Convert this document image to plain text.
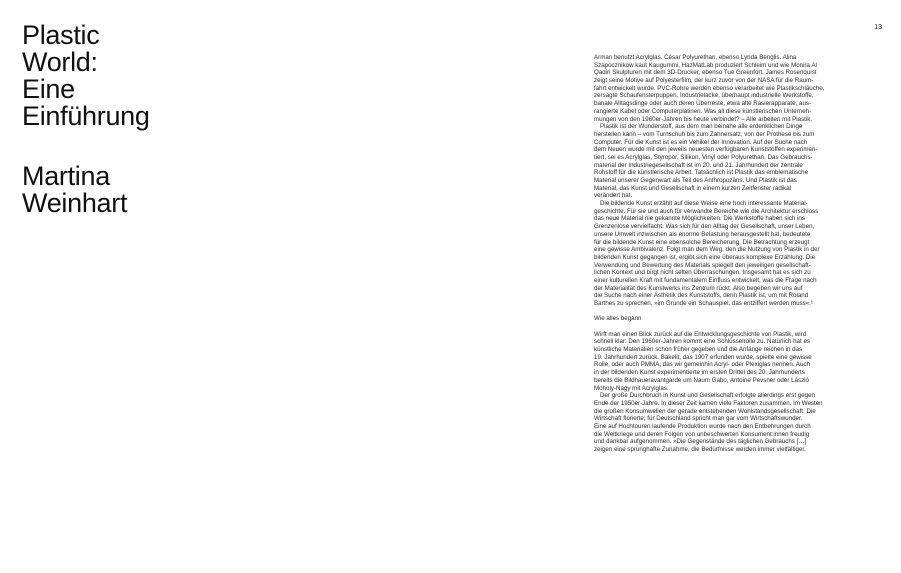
Plastic
World:
Eine
Einführung
Martina
Weinhart
13
Arman benutzt Acrylglas. César Polyurethan, ebenso Lynda Benglis. Alina
Szapocznikow kaut Kaugummi, HazMatLab produziert Schleim und wie Monira Al
Qadiri Skulpturen mit dem 3D-Drucker, ebenso Tue Greenfort. James Rosenquist
zeigt seine Motive auf Polyesterfilm, der kurz zuvor von der NASA für die Raum-
fahrt entwickelt wurde. PVC-Rohre werden ebenso verarbeitet wie Plastikschläuche,
zersägte Schaufensterpuppen, Industrielacke, überhaupt industrielle Werkstoffe,
banale Alltagsdinge oder auch deren Überreste, etwa alte Rasierapparate, aus-
rangierte Kabel oder Computerplatinen. Was all diese künstlerischen Unterneh-
mungen von den 1960er-Jahren bis heute verbindet? – Alle arbeiten mit Plastik.
Plastik ist der Wunderstoff, aus dem man beinahe alle erdenklichen Dinge
herstellen kann – vom Turnschuh bis zum Zahnersatz, von der Prothese bis zum
Computer. Für die Kunst ist es ein Vehikel der Innovation. Auf der Suche nach
dem Neuen wurde mit den jeweils neuesten verfügbaren Kunststoffen experimen-
tiert, sei es Acrylglas, Styropor, Silikon, Vinyl oder Polyurethan. Das Gebrauchs-
material der Industriegesellschaft ist im 20. und 21. Jahrhundert der zentrale
Rohstoff für die künstlerische Arbeit. Tatsächlich ist Plastik das emblematische
Material unserer Gegenwart als Teil des Anthropozäns. Und Plastik ist das
Material, das Kunst und Gesellschaft in einem kurzen Zeitfenster radikal
verändert hat.
Die bildende Kunst erzählt auf diese Weise eine hoch interessante Material-
geschichte. Für sie und auch für verwandte Bereiche wie die Architektur erschloss
das neue Material nie gekannte Möglichkeiten. Die Werkstoffe haben sich ins
Grenzenlose vervielfacht. Was sich für den Alltag der Gesellschaft, unser Leben,
unsere Umwelt inzwischen als enorme Belastung herausgestellt hat, bedeutete
für die bildende Kunst eine ebensolche Bereicherung. Die Betrachtung erzeugt
eine gewisse Ambivalenz. Folgt man dem Weg, den die Nutzung von Plastik in der
bildenden Kunst gegangen ist, ergibt sich eine überaus komplexe Erzählung. Die
Verwendung und Bewertung des Materials spiegelt den jeweiligen gesellschaft-
lichen Kontext und birgt nicht selten Überraschungen. Insgesamt hat es sich zu
einer kulturellen Kraft mit fundamentalem Einfluss entwickelt, was die Frage nach
der Materialität des Kunstwerks ins Zentrum rückt. Also begeben wir uns auf
die Suche nach einer Ästhetik des Kunststoffs, denn Plastik ist, um mit Roland
Barthes zu sprechen, »im Grunde ein Schauspiel, das entziffert werden muss«.¹
Wie alles begann
Wirft man einen Blick zurück auf die Entwicklungsgeschichte von Plastik, wird
schnell klar: Den 1960er-Jahren kommt eine Schlüsselrolle zu. Natürlich hat es
künstliche Materialien schon früher gegeben und die Anfänge reichen in das
19. Jahrhundert zurück. Bakelit, das 1907 erfunden wurde, spielte eine gewisse
Rolle, oder auch PMMA, das wir gemeinhin Acryl- oder Plexiglas nennen. Auch
in der bildenden Kunst experimentierte im ersten Drittel des 20. Jahrhunderts
bereits die Bildhaueravantgarde um Naum Gabo, Antoine Pevsner oder László
Moholy-Nagy mit Acrylglas.
Der große Durchbruch in Kunst und Gesellschaft erfolgte allerdings erst gegen
Ende der 1950er-Jahre. In dieser Zeit kamen viele Faktoren zusammen. Im Westen
die großen Konsumwellen der gerade entstehenden Wohlstandsgesellschaft. Die
Wirtschaft florierte; für Deutschland spricht man gar vom Wirtschaftswunder.
Eine auf Hochtouren laufende Produktion wurde nach den Entbehrungen durch
die Weltkriege und deren Folgen von unbeschwerten Konsument:innen freudig
und dankbar aufgenommen. »Die Gegenstände des täglichen Gebrauchs […]
zeigen eine sprunghafte Zunahme, die Bedürfnisse werden immer vielfältiger,
